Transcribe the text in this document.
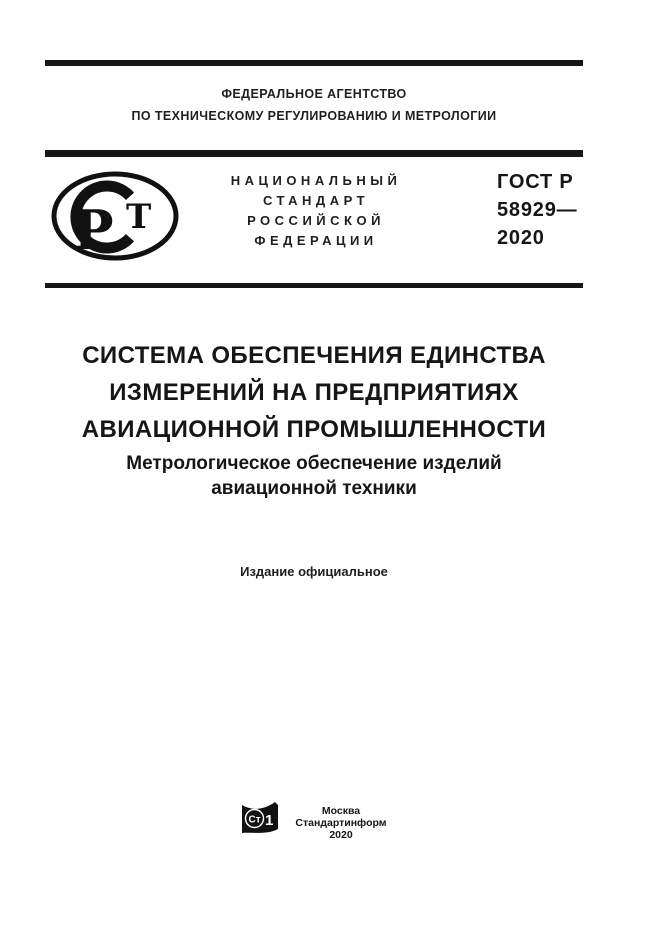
ФЕДЕРАЛЬНОЕ АГЕНТСТВО
ПО ТЕХНИЧЕСКОМУ РЕГУЛИРОВАНИЮ И МЕТРОЛОГИИ
Р Т
НАЦИОНАЛЬНЫЙ
СТАНДАРТ
РОССИЙСКОЙ
ФЕДЕРАЦИИ
ГОСТ Р
58929—
2020
СИСТЕМА ОБЕСПЕЧЕНИЯ ЕДИНСТВА
ИЗМЕРЕНИЙ НА ПРЕДПРИЯТИЯХ
АВИАЦИОННОЙ ПРОМЫШЛЕННОСТИ
Метрологическое обеспечение изделий
авиационной техники
Издание официальное
Ст 1
Москва
Стандартинформ
2020
